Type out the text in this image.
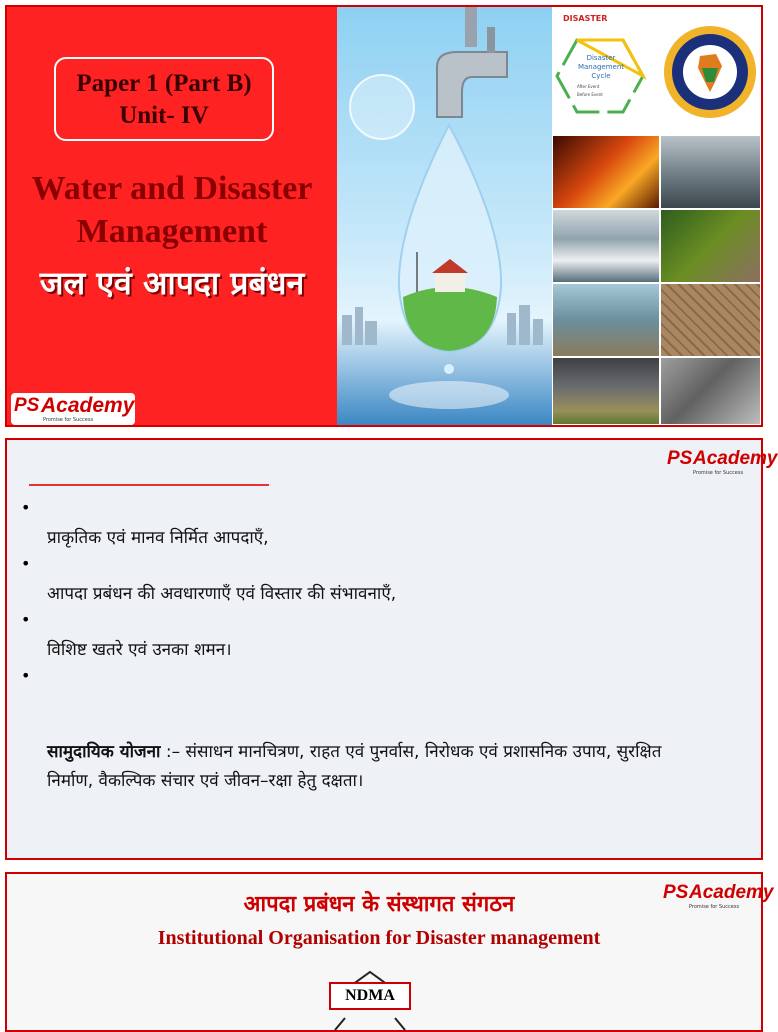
Paper 1 (Part B)
Unit- IV
Water and Disaster
Management
जल एवं आपदा प्रबंधन
PS Academy
Promise for Success
DISASTER
Disaster Management Cycle
After Event
Before Event
PS Academy
Promise for Success
•
प्राकृतिक एवं मानव निर्मित आपदाएँ,
•
आपदा प्रबंधन की अवधारणाएँ एवं विस्तार की संभावनाएँ,
•
विशिष्ट खतरे एवं उनका शमन।
•
सामुदायिक योजना :– संसाधन मानचित्रण, राहत एवं पुनर्वास, निरोधक एवं प्रशासनिक उपाय, सुरक्षित निर्माण, वैकल्पिक संचार एवं जीवन–रक्षा हेतु दक्षता।
PS Academy
Promise for Success
आपदा प्रबंधन के संस्थागत संगठन
Institutional Organisation for Disaster management
NDMA
